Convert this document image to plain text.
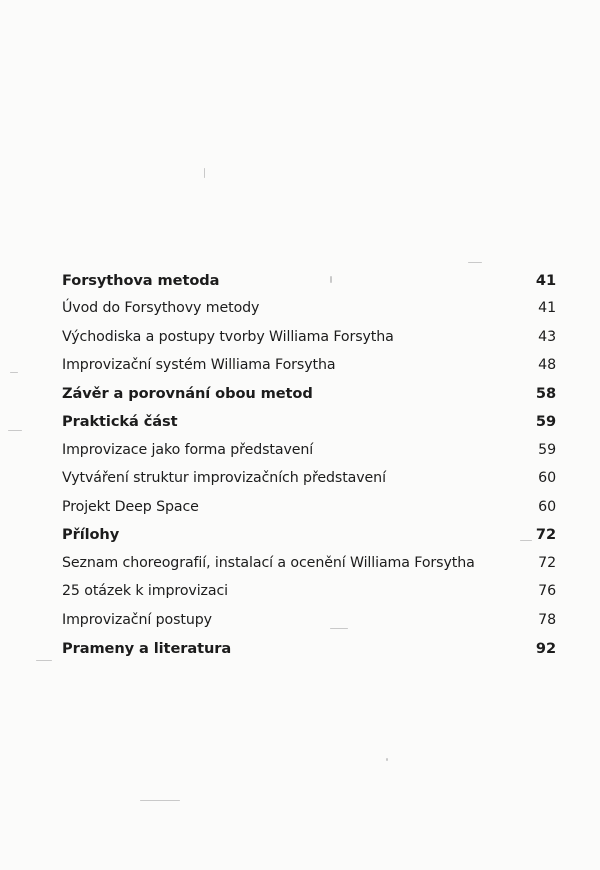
Forsythova metoda	41
Úvod do Forsythovy metody	41
Východiska a postupy tvorby Williama Forsytha	43
Improvizační systém Williama Forsytha	48
Závěr a porovnání obou metod	58
Praktická část	59
Improvizace jako forma představení	59
Vytváření struktur improvizačních představení	60
Projekt Deep Space	60
Přílohy	72
Seznam choreografií, instalací a ocenění Williama Forsytha	72
25 otázek k improvizaci	76
Improvizační postupy	78
Prameny a literatura	92
